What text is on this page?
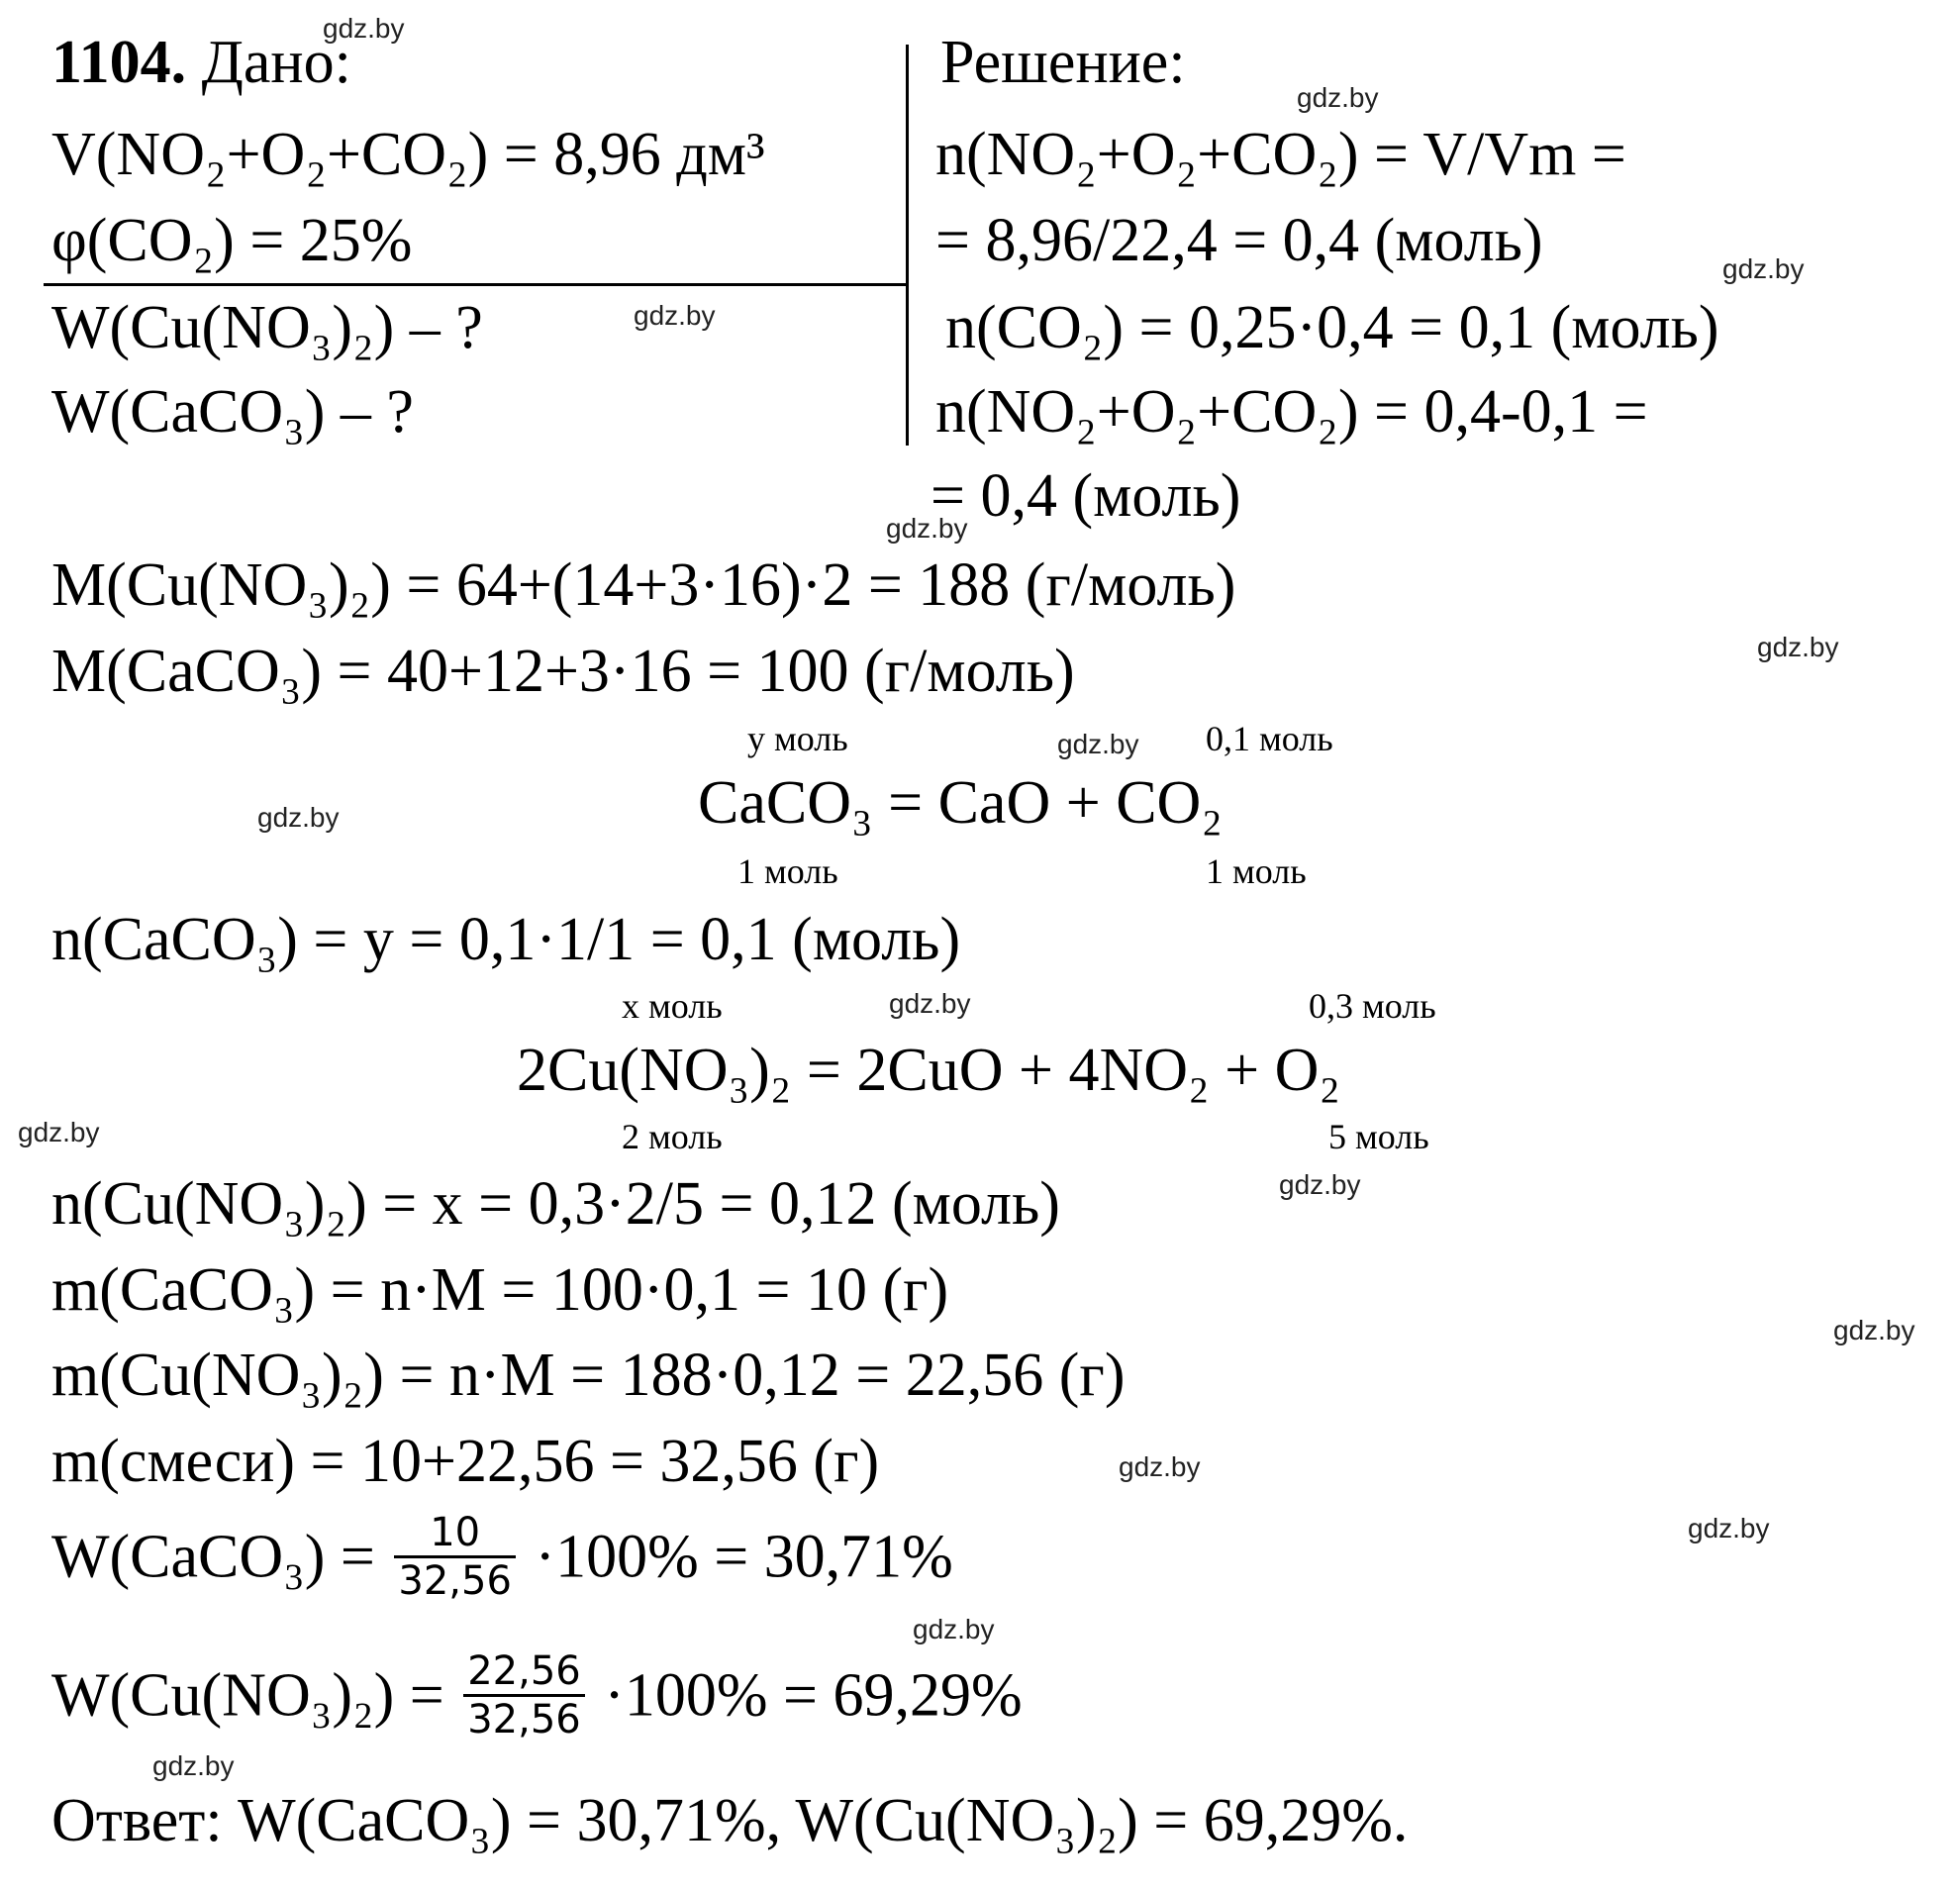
1104. Дано:	Решение:
V(NO₂+O₂+CO₂) = 8,96 дм³
φ(CO₂) = 25%
W(Cu(NO₃)₂) – ?
W(CaCO₃) – ?
n(NO₂+O₂+CO₂) = V/Vm =
= 8,96/22,4 = 0,4 (моль)
n(CO₂) = 0,25·0,4 = 0,1 (моль)
n(NO₂+O₂+CO₂) = 0,4-0,1 =
= 0,4 (моль)
M(Cu(NO₃)₂) = 64+(14+3·16)·2 = 188 (г/моль)
M(CaCO₃) = 40+12+3·16 = 100 (г/моль)
y моль	0,1 моль
CaCO₃ = CaO + CO₂
1 моль	1 моль
n(CaCO₃) = y = 0,1·1/1 = 0,1 (моль)
x моль	0,3 моль
2Cu(NO₃)₂ = 2CuO + 4NO₂ + O₂
2 моль	5 моль
n(Cu(NO₃)₂) = x = 0,3·2/5 = 0,12 (моль)
m(CaCO₃) = n·M = 100·0,1 = 10 (г)
m(Cu(NO₃)₂) = n·M = 188·0,12 = 22,56 (г)
m(смеси) = 10+22,56 = 32,56 (г)
W(CaCO₃) = $\frac{10}{32,56} \cdot 100\% = 30,71\%$
$W(Cu(NO_3)_2) = \frac{22,56}{32,56} \cdot 100\% = 69,29\%$
Ответ: W(CaCO₃) = 30,71%, W(Cu(NO₃)₂) = 69,29%.
gdz.by
gdz.by
gdz.by
gdz.by
gdz.by
gdz.by
gdz.by
gdz.by
gdz.by
gdz.by
gdz.by
gdz.by
gdz.by
gdz.by
gdz.by
gdz.by
